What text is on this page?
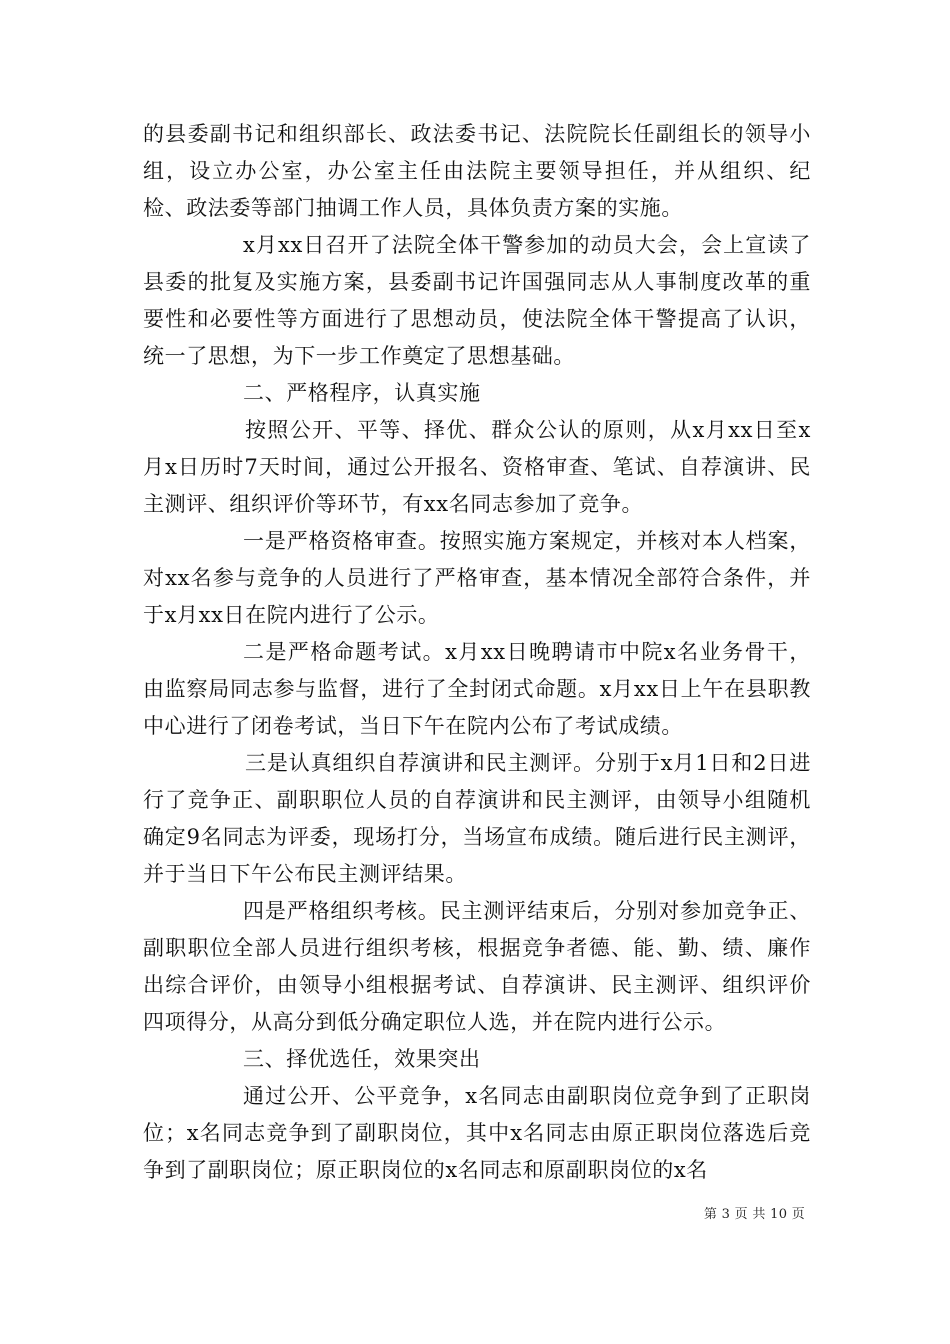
的县委副书记和组织部长、政法委书记、法院院长任副组长的领导小组，设立办公室，办公室主任由法院主要领导担任，并从组织、纪检、政法委等部门抽调工作人员，具体负责方案的实施。

x月xx日召开了法院全体干警参加的动员大会，会上宣读了县委的批复及实施方案，县委副书记许国强同志从人事制度改革的重要性和必要性等方面进行了思想动员，使法院全体干警提高了认识，统一了思想，为下一步工作奠定了思想基础。

二、严格程序，认真实施

按照公开、平等、择优、群众公认的原则，从x月xx日至x月x日历时7天时间，通过公开报名、资格审查、笔试、自荐演讲、民主测评、组织评价等环节，有xx名同志参加了竞争。

一是严格资格审查。按照实施方案规定，并核对本人档案，对xx名参与竞争的人员进行了严格审查，基本情况全部符合条件，并于x月xx日在院内进行了公示。

二是严格命题考试。x月xx日晚聘请市中院x名业务骨干，由监察局同志参与监督，进行了全封闭式命题。x月xx日上午在县职教中心进行了闭卷考试，当日下午在院内公布了考试成绩。

三是认真组织自荐演讲和民主测评。分别于x月1日和2日进行了竞争正、副职职位人员的自荐演讲和民主测评，由领导小组随机确定9名同志为评委，现场打分，当场宣布成绩。随后进行民主测评，并于当日下午公布民主测评结果。

四是严格组织考核。民主测评结束后，分别对参加竞争正、副职职位全部人员进行组织考核，根据竞争者德、能、勤、绩、廉作出综合评价，由领导小组根据考试、自荐演讲、民主测评、组织评价四项得分，从高分到低分确定职位人选，并在院内进行公示。

三、择优选任，效果突出

通过公开、公平竞争，x名同志由副职岗位竞争到了正职岗位；x名同志竞争到了副职岗位，其中x名同志由原正职岗位落选后竞争到了副职岗位；原正职岗位的x名同志和原副职岗位的x名

第 3 页 共 10 页
